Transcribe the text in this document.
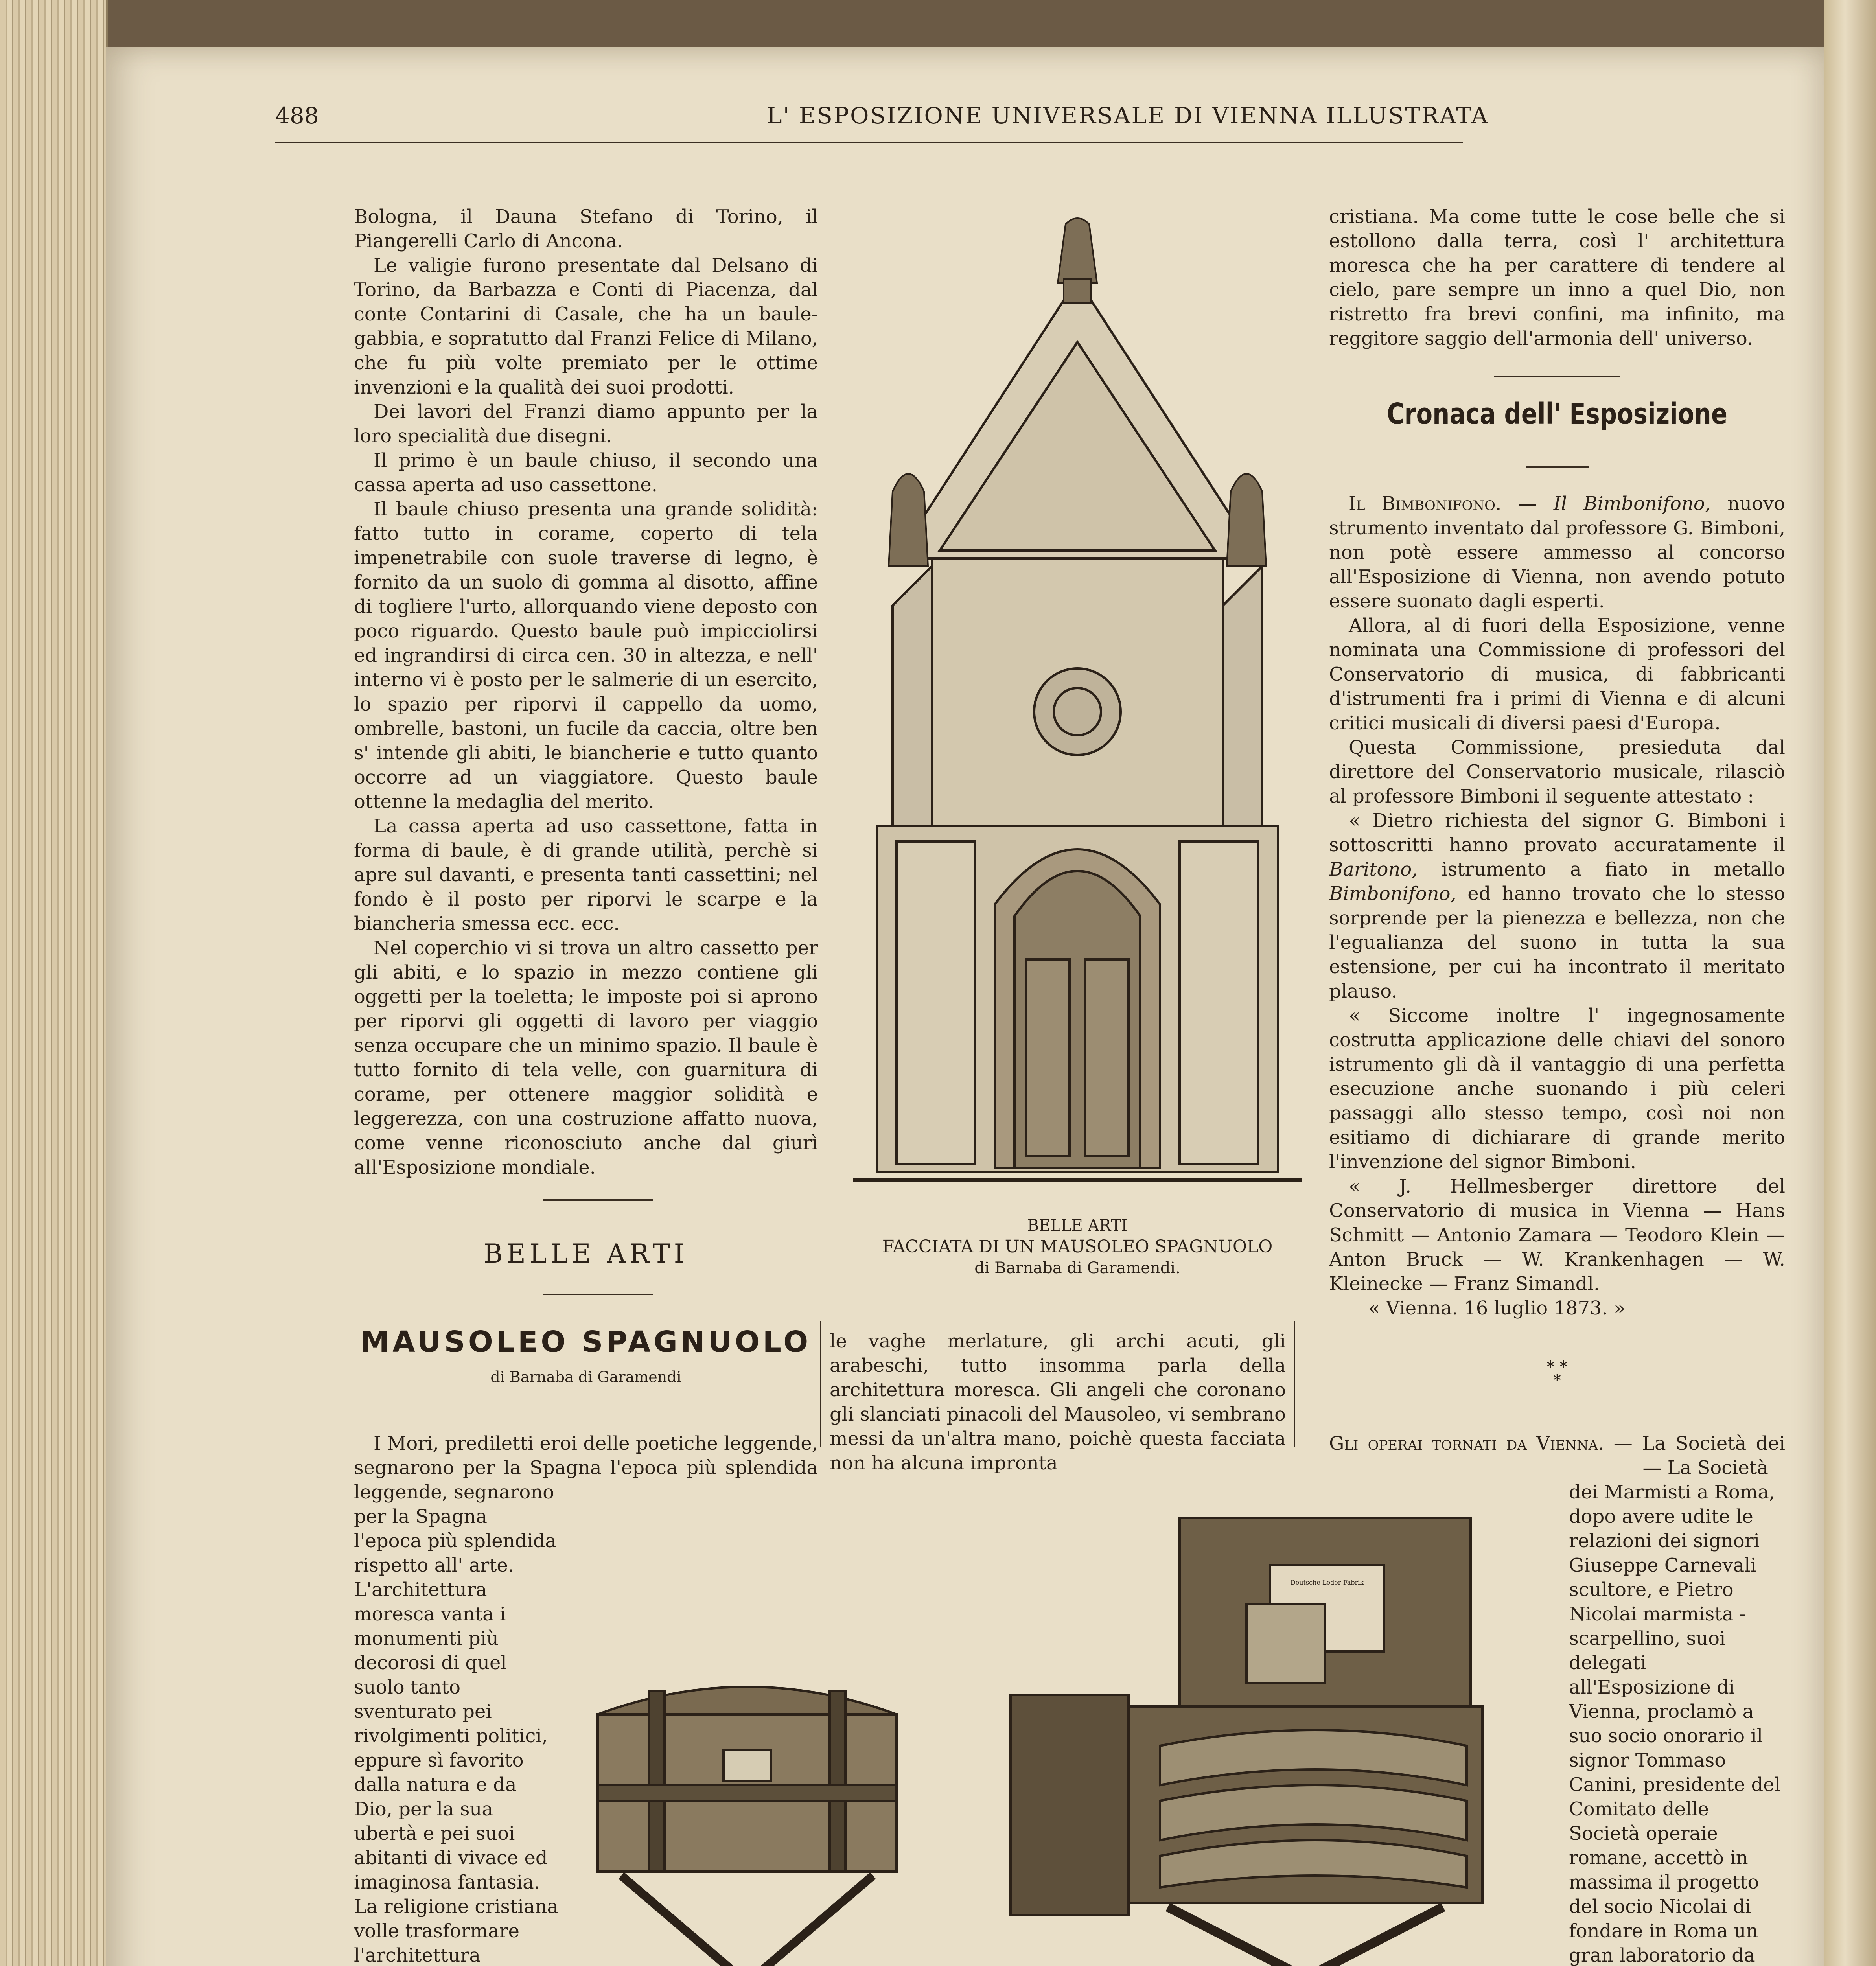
488	L' ESPOSIZIONE UNIVERSALE DI VIENNA ILLUSTRATA

Bologna, il Dauna Stefano di Torino, il Piangerelli Carlo di Ancona.

Le valigie furono presentate dal Delsano di Torino, da Barbazza e Conti di Piacenza, dal conte Contarini di Casale, che ha un baule-gabbia, e sopratutto dal Franzi Felice di Milano, che fu più volte premiato per le ottime invenzioni e la qualità dei suoi prodotti.

Dei lavori del Franzi diamo appunto per la loro specialità due disegni.

Il primo è un baule chiuso, il secondo una cassa aperta ad uso cassettone.

Il baule chiuso presenta una grande solidità: fatto tutto in corame, coperto di tela impenetrabile con suole traverse di legno, è fornito da un suolo di gomma al disotto, affine di togliere l'urto, allorquando viene deposto con poco riguardo. Questo baule può impicciolirsi ed ingrandirsi di circa cen. 30 in altezza, e nell' interno vi è posto per le salmerie di un esercito, lo spazio per riporvi il cappello da uomo, ombrelle, bastoni, un fucile da caccia, oltre ben s' intende gli abiti, le biancherie e tutto quanto occorre ad un viaggiatore. Questo baule ottenne la medaglia del merito.

La cassa aperta ad uso cassettone, fatta in forma di baule, è di grande utilità, perchè si apre sul davanti, e presenta tanti cassettini; nel fondo è il posto per riporvi le scarpe e la biancheria smessa ecc. ecc.

Nel coperchio vi si trova un altro cassetto per gli abiti, e lo spazio in mezzo contiene gli oggetti per la toeletta; le imposte poi si aprono per riporvi gli oggetti di lavoro per viaggio senza occupare che un minimo spazio. Il baule è tutto fornito di tela velle, con guarnitura di corame, per ottenere maggior solidità e leggerezza, con una costruzione affatto nuova, come venne riconosciuto anche dal giurì all'Esposizione mondiale.

BELLE ARTI
MAUSOLEO SPAGNUOLO
di Barnaba di Garamendi

I Mori, prediletti eroi delle poetiche leggende, segnarono per la Spagna l'epoca più splendida

leggende, segnarono per la Spagna l'epoca più splendida rispetto all' arte. L'architettura moresca vanta i monumenti più decorosi di quel suolo tanto sventurato pei rivolgimenti politici, eppure sì favorito dalla natura e da Dio, per la sua ubertà e pei suoi abitanti di vivace ed imaginosa fantasia. La religione cristiana volle trasformare l'architettura

le vaghe merlature, gli archi acuti, gli arabeschi, tutto insomma parla della architettura moresca. Gli angeli che coronano gli slanciati pinacoli del Mausoleo, vi sembrano messi da un'altra mano, poichè questa facciata non ha alcuna impronta

BELLE ARTI
FACCIATA DI UN MAUSOLEO SPAGNUOLO
di Barnaba di Garamendi.

cristiana. Ma come tutte le cose belle che si estollono dalla terra, così l' architettura moresca che ha per carattere di tendere al cielo, pare sempre un inno a quel Dio, non ristretto fra brevi confini, ma infinito, ma reggitore saggio dell'armonia dell' universo.

Cronaca dell' Esposizione

Il Bimbonifono. — Il Bimbonifono, nuovo strumento inventato dal professore G. Bimboni, non potè essere ammesso al concorso all'Esposizione di Vienna, non avendo potuto essere suonato dagli esperti.

Allora, al di fuori della Esposizione, venne nominata una Commissione di professori del Conservatorio di musica, di fabbricanti d'istrumenti fra i primi di Vienna e di alcuni critici musicali di diversi paesi d'Europa.

Questa Commissione, presieduta dal direttore del Conservatorio musicale, rilasciò al professore Bimboni il seguente attestato :

« Dietro richiesta del signor G. Bimboni i sottoscritti hanno provato accuratamente il Baritono, istrumento a fiato in metallo Bimbonifono, ed hanno trovato che lo stesso sorprende per la pienezza e bellezza, non che l'egualianza del suono in tutta la sua estensione, per cui ha incontrato il meritato plauso.

« Siccome inoltre l' ingegnosamente costrutta applicazione delle chiavi del sonoro istrumento gli dà il vantaggio di una perfetta esecuzione anche suonando i più celeri passaggi allo stesso tempo, così noi non esitiamo di dichiarare di grande merito l'invenzione del signor Bimboni.

« J. Hellmesberger direttore del Conservatorio di musica in Vienna — Hans Schmitt — Antonio Zamara — Teodoro Klein — Anton Bruck — W. Krankenhagen — W. Kleinecke — Franz Simandl.

« Vienna. 16 luglio 1873. »

* *
*

Gli operai tornati da Vienna. — La Società dei

— La Società dei Marmisti a Roma, dopo avere udite le relazioni dei signori Giuseppe Carnevali scultore, e Pietro Nicolai marmista - scarpellino, suoi delegati all'Esposizione di Vienna, proclamò a suo socio onorario il signor Tommaso Canini, presidente del Comitato delle Società operaie romane, accettò in massima il progetto del socio Nicolai di fondare in Roma un gran laboratorio da

Deutsche Leder-Fabrik
